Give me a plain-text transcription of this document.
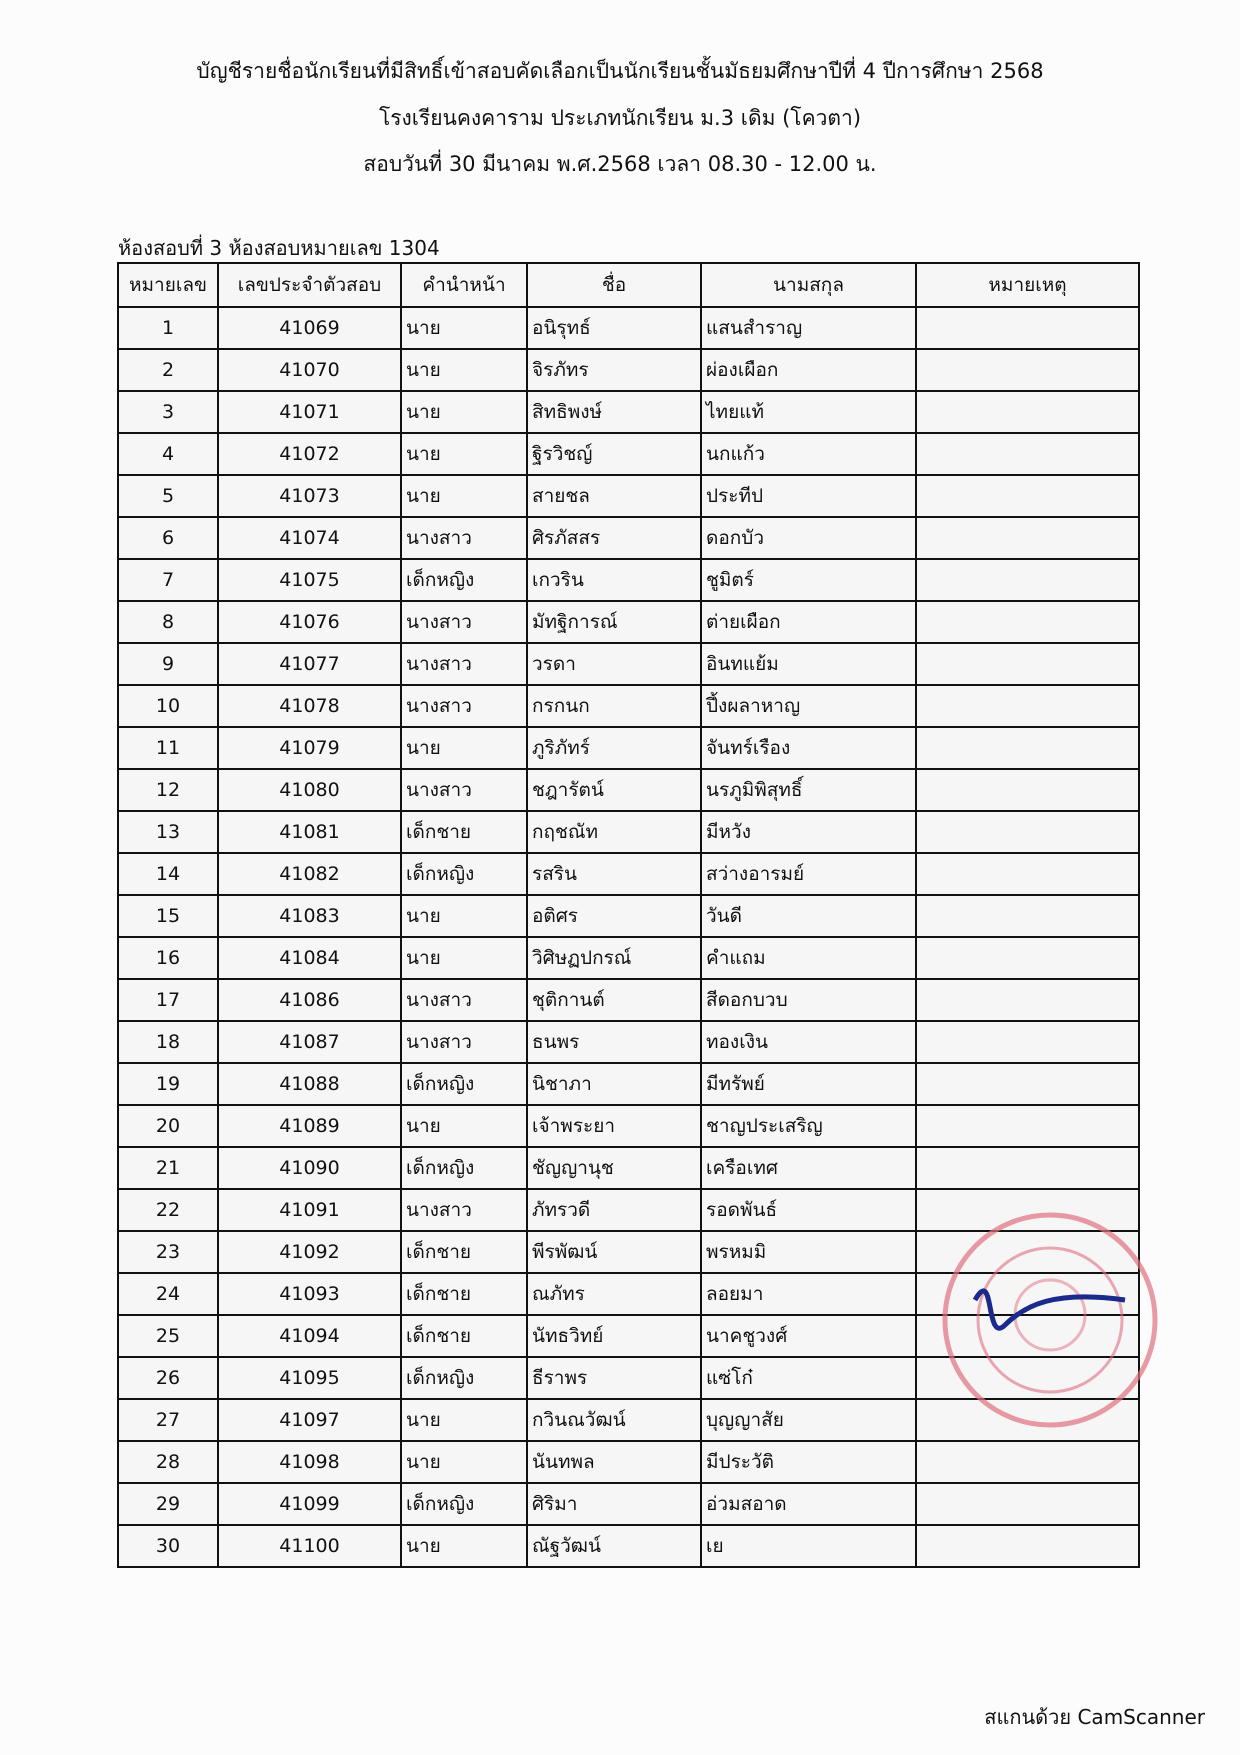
บัญชีรายชื่อนักเรียนที่มีสิทธิ์เข้าสอบคัดเลือกเป็นนักเรียนชั้นมัธยมศึกษาปีที่ 4 ปีการศึกษา 2568
โรงเรียนคงคาราม ประเภทนักเรียน ม.3 เดิม (โควตา)
สอบวันที่ 30 มีนาคม พ.ศ.2568 เวลา 08.30 - 12.00 น.
ห้องสอบที่ 3 ห้องสอบหมายเลข 1304
หมายเลข	เลขประจำตัวสอบ	คำนำหน้า	ชื่อ	นามสกุล	หมายเหตุ
1	41069	นาย	อนิรุทธ์	แสนสำราญ	
2	41070	นาย	จิรภัทร	ผ่องเผือก	
3	41071	นาย	สิทธิพงษ์	ไทยแท้	
4	41072	นาย	ฐิรวิชญ์	นกแก้ว	
5	41073	นาย	สายชล	ประทีป	
6	41074	นางสาว	ศิรภัสสร	ดอกบัว	
7	41075	เด็กหญิง	เกวริน	ชูมิตร์	
8	41076	นางสาว	มัทฐิการณ์	ต่ายเผือก	
9	41077	นางสาว	วรดา	อินทแย้ม	
10	41078	นางสาว	กรกนก	ปึ้งผลาหาญ	
11	41079	นาย	ภูริภัทร์	จันทร์เรือง	
12	41080	นางสาว	ชฎารัตน์	นรภูมิพิสุทธิ์	
13	41081	เด็กชาย	กฤชณัท	มีหวัง	
14	41082	เด็กหญิง	รสริน	สว่างอารมย์	
15	41083	นาย	อติศร	วันดี	
16	41084	นาย	วิศิษฏปกรณ์	คำแถม	
17	41086	นางสาว	ชุติกานต์	สีดอกบวบ	
18	41087	นางสาว	ธนพร	ทองเงิน	
19	41088	เด็กหญิง	นิชาภา	มีทรัพย์	
20	41089	นาย	เจ้าพระยา	ชาญประเสริญ	
21	41090	เด็กหญิง	ชัญญานุช	เครือเทศ	
22	41091	นางสาว	ภัทรวดี	รอดพันธ์	
23	41092	เด็กชาย	พีรพัฒน์	พรหมมิ	
24	41093	เด็กชาย	ณภัทร	ลอยมา	
25	41094	เด็กชาย	นัทธวิทย์	นาคชูวงศ์	
26	41095	เด็กหญิง	ธีราพร	แซ่โก๋	
27	41097	นาย	กวินณวัฒน์	บุญญาสัย	
28	41098	นาย	นันทพล	มีประวัติ	
29	41099	เด็กหญิง	ศิริมา	อ่วมสอาด	
30	41100	นาย	ณัฐวัฒน์	เย	
สแกนด้วย CamScanner
